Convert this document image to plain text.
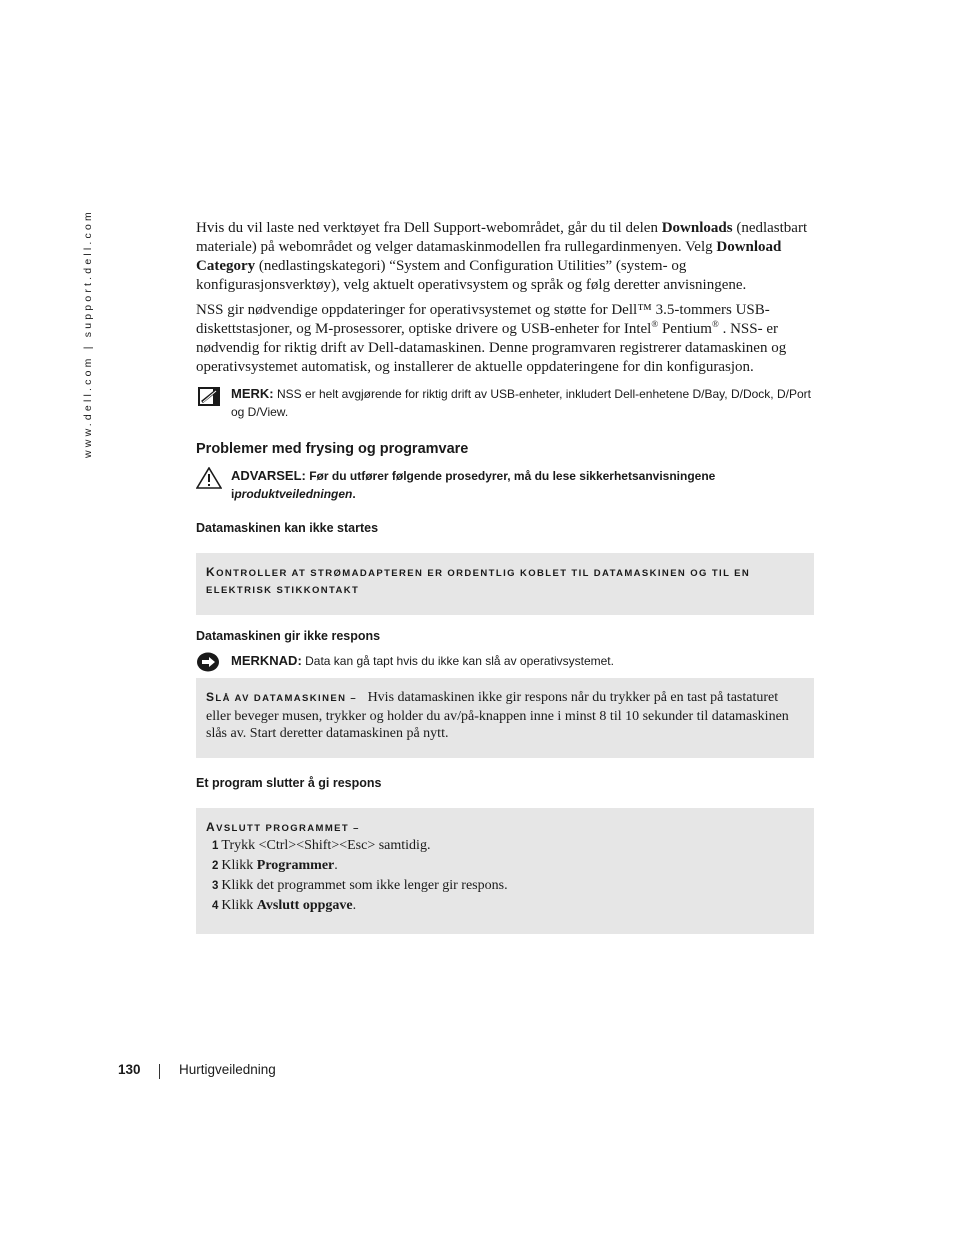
www.dell.com | support.dell.com	Hvis du vil laste ned verktøyet fra Dell Support-webområdet, går du til delen Downloads (nedlastbart materiale) på webområdet og velger datamaskinmodellen fra rullegardinmenyen. Velg Download Category (nedlastingskategori) “System and Configuration Utilities” (system- og konfigurasjonsverktøy), velg aktuelt operativsystem og språk og følg deretter anvisningene.

NSS gir nødvendige oppdateringer for operativsystemet og støtte for Dell™ 3.5-tommers USB-diskettstasjoner, og M-prosessorer, optiske drivere og USB-enheter for Intel® Pentium® . NSS- er nødvendig for riktig drift av Dell-datamaskinen. Denne programvaren registrerer datamaskinen og operativsystemet automatisk, og installerer de aktuelle oppdateringene for din konfigurasjon.

MERK: NSS er helt avgjørende for riktig drift av USB-enheter, inkludert Dell-enhetene D/Bay, D/Dock, D/Port og D/View.
Problemer med frysing og programvare
ADVARSEL: Før du utfører følgende prosedyrer, må du lese sikkerhetsanvisningene iproduktveiledningen.
Datamaskinen kan ikke startes
KONTROLLER AT STRØMADAPTEREN ER ORDENTLIG KOBLET TIL DATAMASKINEN OG TIL EN ELEKTRISK STIKKONTAKT
Datamaskinen gir ikke respons
MERKNAD: Data kan gå tapt hvis du ikke kan slå av operativsystemet.
SLÅ AV DATAMASKINEN – Hvis datamaskinen ikke gir respons når du trykker på en tast på tastaturet eller beveger musen, trykker og holder du av/på-knappen inne i minst 8 til 10 sekunder til datamaskinen slås av. Start deretter datamaskinen på nytt.
Et program slutter å gi respons
AVSLUTT PROGRAMMET –
1 Trykk <Ctrl><Shift><Esc> samtidig.
2 Klikk Programmer.
3 Klikk det programmet som ikke lenger gir respons.
4 Klikk Avslutt oppgave.
130	Hurtigveiledning
